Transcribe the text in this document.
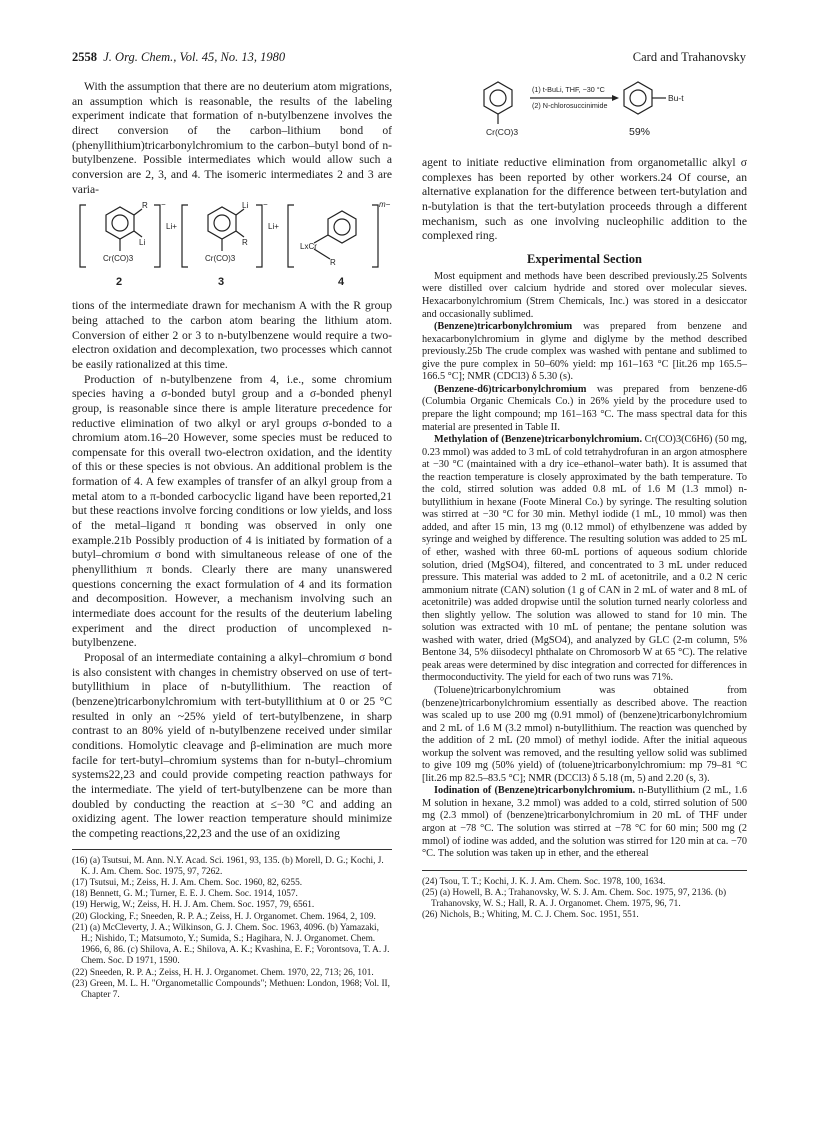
2558 J. Org. Chem., Vol. 45, No. 13, 1980	Card and Trahanovsky

With the assumption that there are no deuterium atom migrations, an assumption which is reasonable, the results of the labeling experiment indicate that formation of n-butylbenzene involves the direct conversion of the carbon–lithium bond of (phenyllithium)tricarbonylchromium to the carbon–butyl bond of n-butylbenzene. Possible intermediates which would allow such a conversion are 2, 3, and 4. The isomeric intermediates 2 and 3 are varia-

R
Li
Cr(CO)3
−
Li+
2
Li
R
Cr(CO)3
−
Li+
3
LxCr
R
m−
4

tions of the intermediate drawn for mechanism A with the R group being attached to the carbon atom bearing the lithium atom. Conversion of either 2 or 3 to n-butylbenzene would require a two-electron oxidation and decomplexation, two processes which cannot be easily rationalized at this time.

Production of n-butylbenzene from 4, i.e., some chromium species having a σ-bonded butyl group and a σ-bonded phenyl group, is reasonable since there is ample literature precedence for reductive elimination of two alkyl or aryl groups σ-bonded to a chromium atom.16–20 However, some species must be reduced to compensate for this overall two-electron oxidation, and the identity of this or these species is not obvious. An additional problem is the formation of 4. A few examples of transfer of an alkyl group from a metal atom to a π-bonded carbocyclic ligand have been reported,21 but these reactions involve forcing conditions or low yields, and loss of the metal–ligand π bonding was observed in only one example.21b Possibly production of 4 is initiated by formation of a butyl–chromium σ bond with simultaneous release of one of the phenyllithium π bonds. Clearly there are many unanswered questions concerning the exact formulation of 4 and its formation and decomposition. However, a mechanism involving such an intermediate does account for the results of the deuterium labeling experiment and the direct production of uncomplexed n-butylbenzene.

Proposal of an intermediate containing a alkyl–chromium σ bond is also consistent with changes in chemistry observed on use of tert-butyllithium in place of n-butyllithium. The reaction of (benzene)tricarbonylchromium with tert-butyllithium at 0 or 25 °C resulted in only an ~25% yield of tert-butylbenzene, in sharp contrast to an 80% yield of n-butylbenzene received under similar conditions. Homolytic cleavage and β-elimination are much more facile for tert-butyl–chromium systems than for n-butyl–chromium systems22,23 and could provide competing reaction pathways for the intermediate. The yield of tert-butylbenzene can be more than doubled by conducting the reaction at ≤−30 °C and adding an oxidizing agent. The lower reaction temperature should minimize the competing reactions,22,23 and the use of an oxidizing

(16) (a) Tsutsui, M. Ann. N.Y. Acad. Sci. 1961, 93, 135. (b) Morell, D. G.; Kochi, J. K. J. Am. Chem. Soc. 1975, 97, 7262.

(17) Tsutsui, M.; Zeiss, H. J. Am. Chem. Soc. 1960, 82, 6255.

(18) Bennett, G. M.; Turner, E. E. J. Chem. Soc. 1914, 1057.

(19) Herwig, W.; Zeiss, H. H. J. Am. Chem. Soc. 1957, 79, 6561.

(20) Glocking, F.; Sneeden, R. P. A.; Zeiss, H. J. Organomet. Chem. 1964, 2, 109.

(21) (a) McCleverty, J. A.; Wilkinson, G. J. Chem. Soc. 1963, 4096. (b) Yamazaki, H.; Nishido, T.; Matsumoto, Y.; Sumida, S.; Hagihara, N. J. Organomet. Chem. 1966, 6, 86. (c) Shilova, A. E.; Shilova, A. K.; Kvashina, E. F.; Vorontsova, T. A. J. Chem. Soc. D 1971, 1590.

(22) Sneeden, R. P. A.; Zeiss, H. H. J. Organomet. Chem. 1970, 22, 713; 26, 101.

(23) Green, M. L. H. "Organometallic Compounds"; Methuen: London, 1968; Vol. II, Chapter 7.

(1) t-BuLi, THF, −30 °C
(2) N-chlorosuccinimide
Cr(CO)3
Bu-t
59%

agent to initiate reductive elimination from organometallic alkyl σ complexes has been reported by other workers.24 Of course, an alternative explanation for the difference between tert-butylation and n-butylation is that the tert-butylation proceeds through a different mechanism, such as one involving nucleophilic addition to the complexed ring.

Experimental Section

Most equipment and methods have been described previously.25 Solvents were distilled over calcium hydride and stored over molecular sieves. Hexacarbonylchromium (Strem Chemicals, Inc.) was stored in a desiccator and occasionally sublimed.

(Benzene)tricarbonylchromium was prepared from benzene and hexacarbonylchromium in glyme and diglyme by the method described previously.25b The crude complex was washed with pentane and sublimed to give the pure complex in 50–60% yield: mp 161–163 °C [lit.26 mp 165.5–166.5 °C]; NMR (CDCl3) δ 5.30 (s).

(Benzene-d6)tricarbonylchromium was prepared from benzene-d6 (Columbia Organic Chemicals Co.) in 26% yield by the procedure used to prepare the light compound; mp 161–163 °C. The mass spectral data for this material are presented in Table II.

Methylation of (Benzene)tricarbonylchromium. Cr(CO)3(C6H6) (50 mg, 0.23 mmol) was added to 3 mL of cold tetrahydrofuran in an argon atmosphere at −30 °C (maintained with a dry ice–ethanol–water bath). It is assumed that the reaction temperature is closely approximated by the bath temperature. To the cold, stirred solution was added 0.8 mL of 1.6 M (1.3 mmol) n-butyllithium in hexane (Foote Mineral Co.) by syringe. The resulting solution was stirred at −30 °C for 30 min. Methyl iodide (1 mL, 10 mmol) was then added, and after 15 min, 13 mg (0.12 mmol) of ethylbenzene was added by syringe and weighed by difference. The resulting solution was added to 25 mL of ether, washed with three 60-mL portions of aqueous sodium chloride solution, dried (MgSO4), filtered, and concentrated to 3 mL under reduced pressure. This material was added to 2 mL of acetonitrile, and a 0.2 N ceric ammonium nitrate (CAN) solution (1 g of CAN in 2 mL of water and 8 mL of acetonitrile) was added dropwise until the solution turned nearly colorless and then slightly yellow. The solution was allowed to stand for 10 min. The solution was extracted with 10 mL of pentane; the pentane solution was washed with water, dried (MgSO4), and analyzed by GLC (2-m column, 5% Bentone 34, 5% diisodecyl phthalate on Chromosorb W at 65 °C). The relative peak areas were determined by disc integration and corrected for differences in thermoconductivity. The yield for each of two runs was 71%.

(Toluene)tricarbonylchromium was obtained from (benzene)tricarbonylchromium essentially as described above. The reaction was scaled up to use 200 mg (0.91 mmol) of (benzene)tricarbonylchromium and 2 mL of 1.6 M (3.2 mmol) n-butyllithium. The reaction was quenched by the addition of 2 mL (20 mmol) of methyl iodide. After the initial aqueous workup the solvent was removed, and the resulting yellow solid was sublimed to give 109 mg (50% yield) of (toluene)tricarbonylchromium: mp 79–81 °C [lit.26 mp 82.5–83.5 °C]; NMR (DCCl3) δ 5.18 (m, 5) and 2.20 (s, 3).

Iodination of (Benzene)tricarbonylchromium. n-Butyllithium (2 mL, 1.6 M solution in hexane, 3.2 mmol) was added to a cold, stirred solution of 500 mg (2.3 mmol) of (benzene)tricarbonylchromium in 20 mL of THF under argon at −78 °C. The solution was stirred at −78 °C for 60 min; 500 mg (2 mmol) of iodine was added, and the solution was stirred for 120 min at ca. −70 °C. The solution was taken up in ether, and the ethereal

(24) Tsou, T. T.; Kochi, J. K. J. Am. Chem. Soc. 1978, 100, 1634.

(25) (a) Howell, B. A.; Trahanovsky, W. S. J. Am. Chem. Soc. 1975, 97, 2136. (b) Trahanovsky, W. S.; Hall, R. A. J. Organomet. Chem. 1975, 96, 71.

(26) Nichols, B.; Whiting, M. C. J. Chem. Soc. 1951, 551.
